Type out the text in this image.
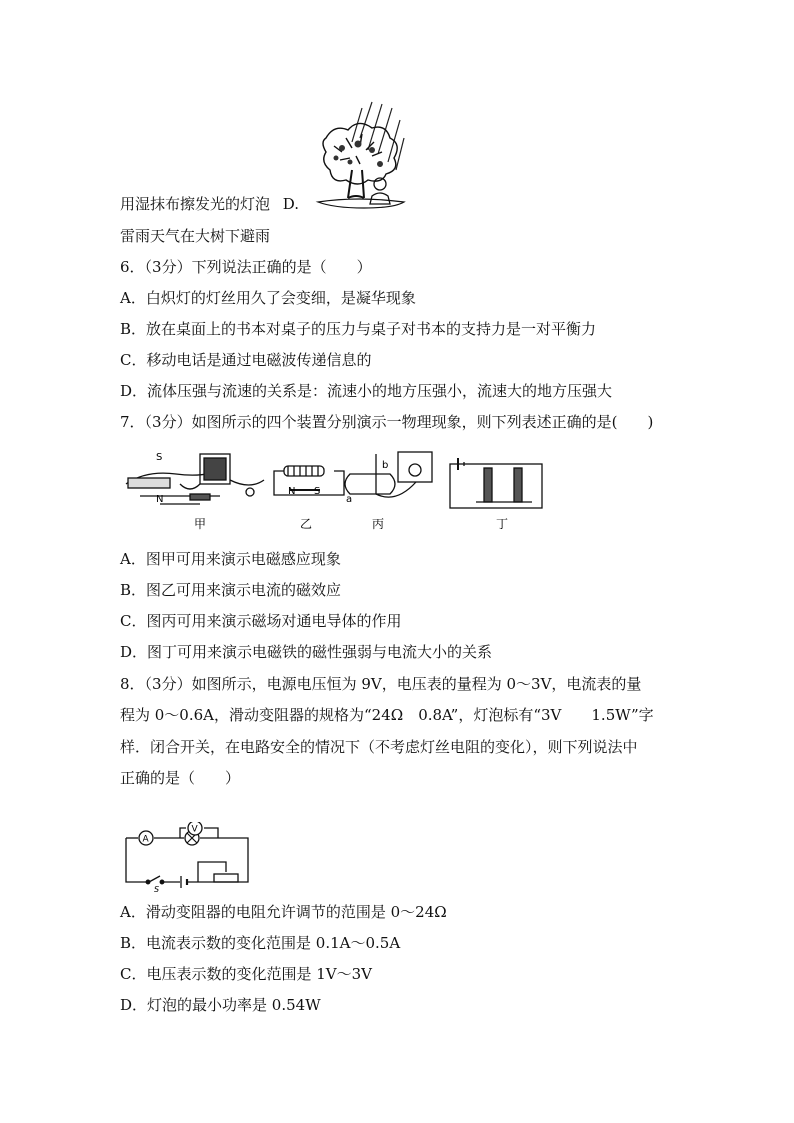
用湿抹布擦发光的灯泡 D.
雷雨天气在大树下避雨
6．（3分）下列说法正确的是（　　）
A．白炽灯的灯丝用久了会变细，是凝华现象
B．放在桌面上的书本对桌子的压力与桌子对书本的支持力是一对平衡力
C．移动电话是通过电磁波传递信息的
D．流体压强与流速的关系是：流速小的地方压强小，流速大的地方压强大
7．（3分）如图所示的四个装置分别演示一物理现象，则下列表述正确的是(　　)
S
N
甲
N S
乙
a
b
丙	丁
A．图甲可用来演示电磁感应现象
B．图乙可用来演示电流的磁效应
C．图丙可用来演示磁场对通电导体的作用
D．图丁可用来演示电磁铁的磁性强弱与电流大小的关系
8．（3分）如图所示，电源电压恒为 9V，电压表的量程为 0～3V，电流表的量
程为 0～0.6A，滑动变阻器的规格为“24Ω　0.8A”，灯泡标有“3V　　1.5W”字
样．闭合开关，在电路安全的情况下（不考虑灯丝电阻的变化），则下列说法中
正确的是（　　）
A
V
S
A．滑动变阻器的电阻允许调节的范围是 0～24Ω
B．电流表示数的变化范围是 0.1A～0.5A
C．电压表示数的变化范围是 1V～3V
D．灯泡的最小功率是 0.54W
